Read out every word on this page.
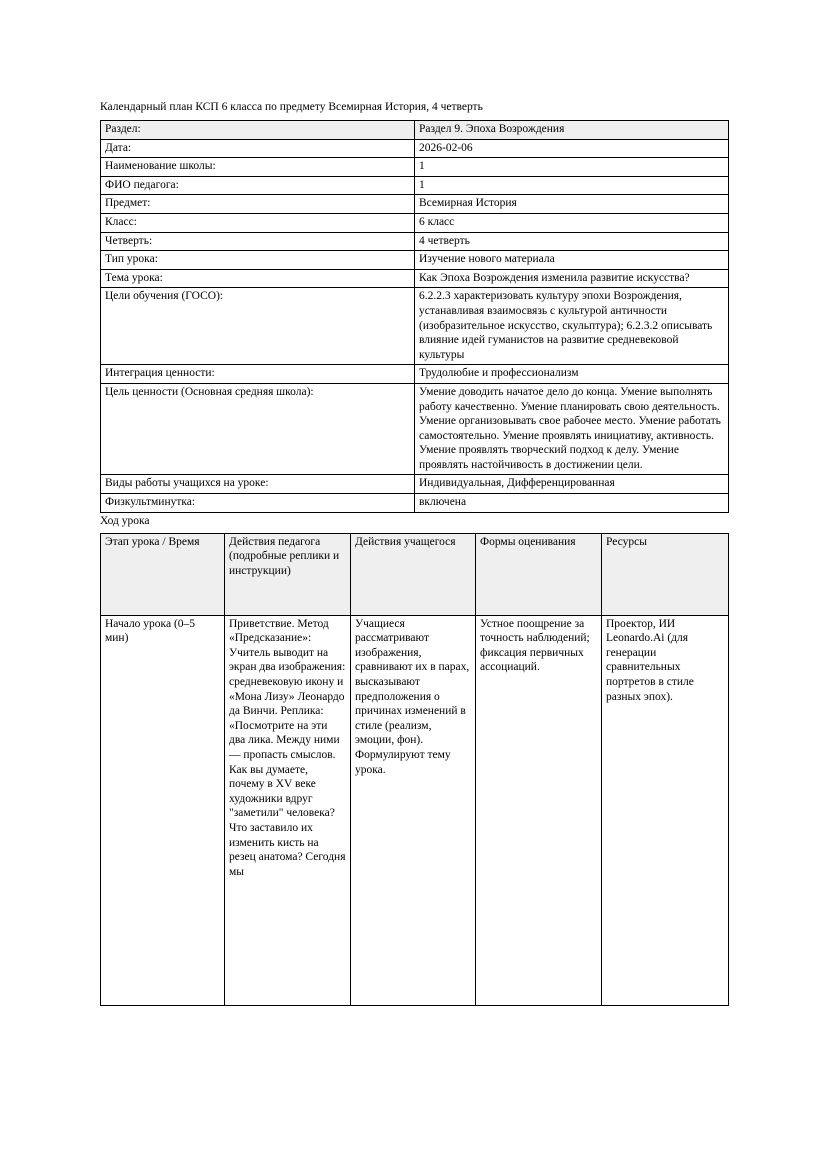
Календарный план КСП 6 класса по предмету Всемирная История, 4 четверть

Раздел:	Раздел 9. Эпоха Возрождения
Дата:	2026-02-06
Наименование школы:	1
ФИО педагога:	1
Предмет:	Всемирная История
Класс:	6 класс
Четверть:	4 четверть
Тип урока:	Изучение нового материала
Тема урока:	Как Эпоха Возрождения изменила развитие искусства?
Цели обучения (ГОСО):	6.2.2.3 характеризовать культуру эпохи Возрождения, устанавливая взаимосвязь с культурой античности (изобразительное искусство, скульптура); 6.2.3.2 описывать влияние идей гуманистов на развитие средневековой культуры
Интеграция ценности:	Трудолюбие и профессионализм
Цель ценности (Основная средняя школа):	Умение доводить начатое дело до конца. Умение выполнять работу качественно. Умение планировать свою деятельность. Умение организовывать свое рабочее место. Умение работать самостоятельно. Умение проявлять инициативу, активность. Умение проявлять творческий подход к делу. Умение проявлять настойчивость в достижении цели.
Виды работы учащихся на уроке:	Индивидуальная, Дифференцированная
Физкультминутка:	включена

Ход урока

Этап урока / Время	Действия педагога (подробные реплики и инструкции)	Действия учащегося	Формы оценивания	Ресурсы
Начало урока (0–5 мин)	Приветствие. Метод «Предсказание»: Учитель выводит на экран два изображения: средневековую икону и «Мона Лизу» Леонардо да Винчи. Реплика: «Посмотрите на эти два лика. Между ними — пропасть смыслов. Как вы думаете, почему в XV веке художники вдруг "заметили" человека? Что заставило их изменить кисть на резец анатома? Сегодня мы	Учащиеся рассматривают изображения, сравнивают их в парах, высказывают предположения о причинах изменений в стиле (реализм, эмоции, фон). Формулируют тему урока.	Устное поощрение за точность наблюдений; фиксация первичных ассоциаций.	Проектор, ИИ Leonardo.Ai (для генерации сравнительных портретов в стиле разных эпох).
